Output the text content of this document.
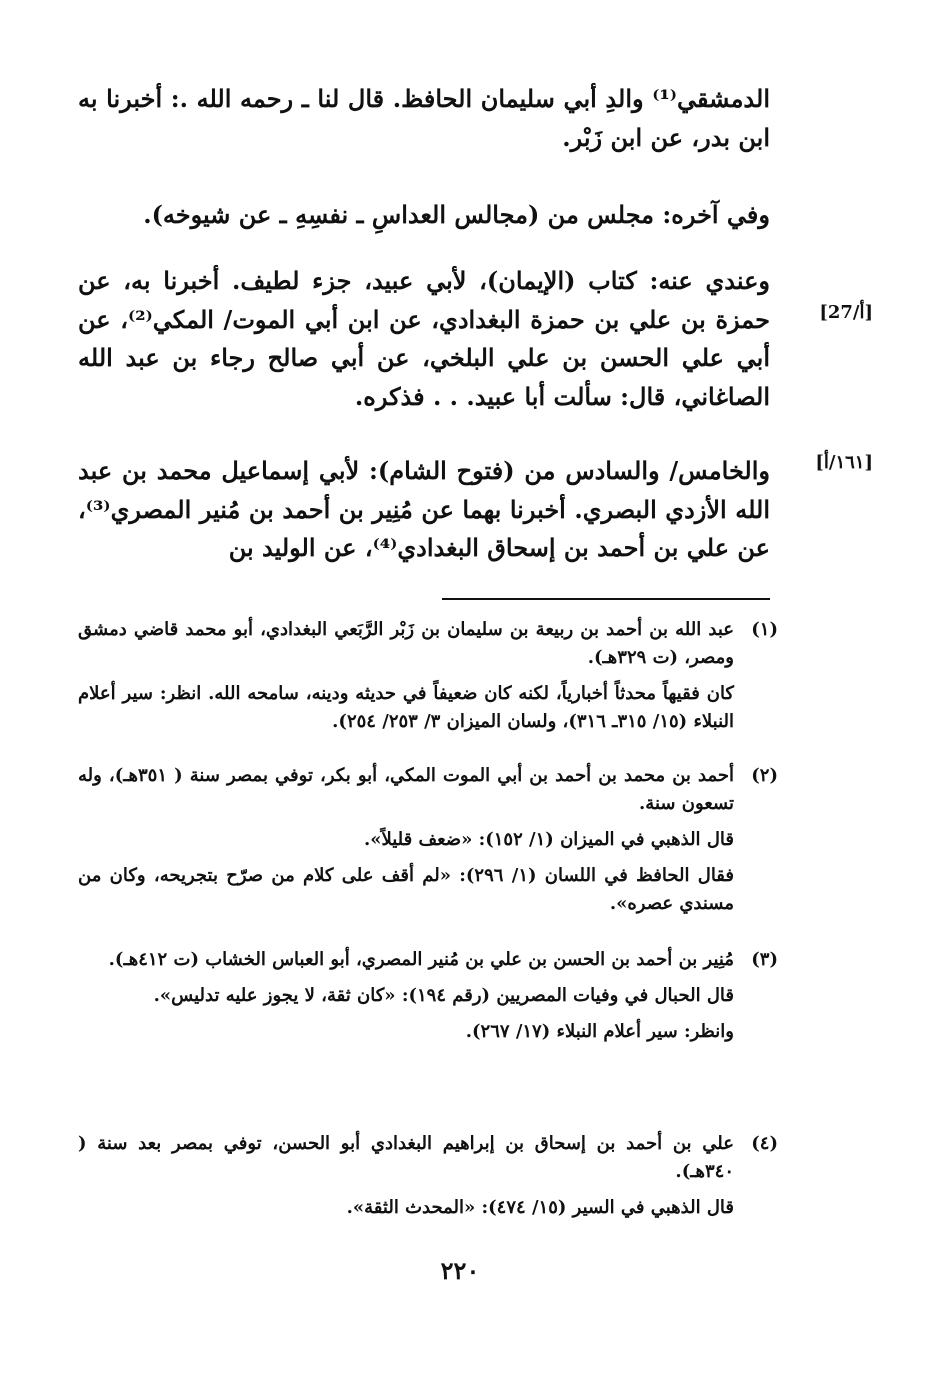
الدمشقي⁽¹⁾ والدِ أبي سليمان الحافظ. قال لنا ـ رحمه الله .: أخبرنا به ابن بدر، عن ابن زَبْر.

وفي آخره: مجلس من (مجالس العداسِ ـ نفسِهِ ـ عن شيوخه).

وعندي عنه: كتاب (الإيمان)، لأبي عبيد، جزء لطيف. أخبرنا به، عن حمزة بن علي بن حمزة البغدادي، عن ابن أبي الموت/ المكي⁽²⁾، عن أبي علي الحسن بن علي البلخي، عن أبي صالح رجاء بن عبد الله الصاغاني، قال: سألت أبا عبيد. . . فذكره.

والخامس/ والسادس من (فتوح الشام): لأبي إسماعيل محمد بن عبد الله الأزدي البصري. أخبرنا بهما عن مُنِير بن أحمد بن مُنير المصري⁽³⁾، عن علي بن أحمد بن إسحاق البغدادي⁽⁴⁾، عن الوليد بن

[27/أ]
[١٦١/أ]
(١)

عبد الله بن أحمد بن ربيعة بن سليمان بن زَبْر الرَّبَعي البغدادي، أبو محمد قاضي دمشق ومصر، (ت ٣٢٩هـ).

كان فقيهاً محدثاً أخبارياً، لكنه كان ضعيفاً في حديثه ودينه، سامحه الله. انظر: سير أعلام النبلاء (١٥/ ٣١٥ـ ٣١٦)، ولسان الميزان ٣/ ٢٥٣/ ٢٥٤).

(٢)

أحمد بن محمد بن أحمد بن أبي الموت المكي، أبو بكر، توفي بمصر سنة ( ٣٥١هـ)، وله تسعون سنة.

قال الذهبي في الميزان (١/ ١٥٢): «ضعف قليلاً».

فقال الحافظ في اللسان (١/ ٢٩٦): «لم أقف على كلام من صرّح بتجريحه، وكان من مسندي عصره».

(٣)

مُنِير بن أحمد بن الحسن بن علي بن مُنير المصري، أبو العباس الخشاب (ت ٤١٢هـ).

قال الحبال في وفيات المصريين (رقم ١٩٤): «كان ثقة، لا يجوز عليه تدليس».

وانظر: سير أعلام النبلاء (١٧/ ٢٦٧).

(٤)

علي بن أحمد بن إسحاق بن إبراهيم البغدادي أبو الحسن، توفي بمصر بعد سنة ( ٣٤٠هـ).

قال الذهبي في السير (١٥/ ٤٧٤): «المحدث الثقة».

٢٢٠
